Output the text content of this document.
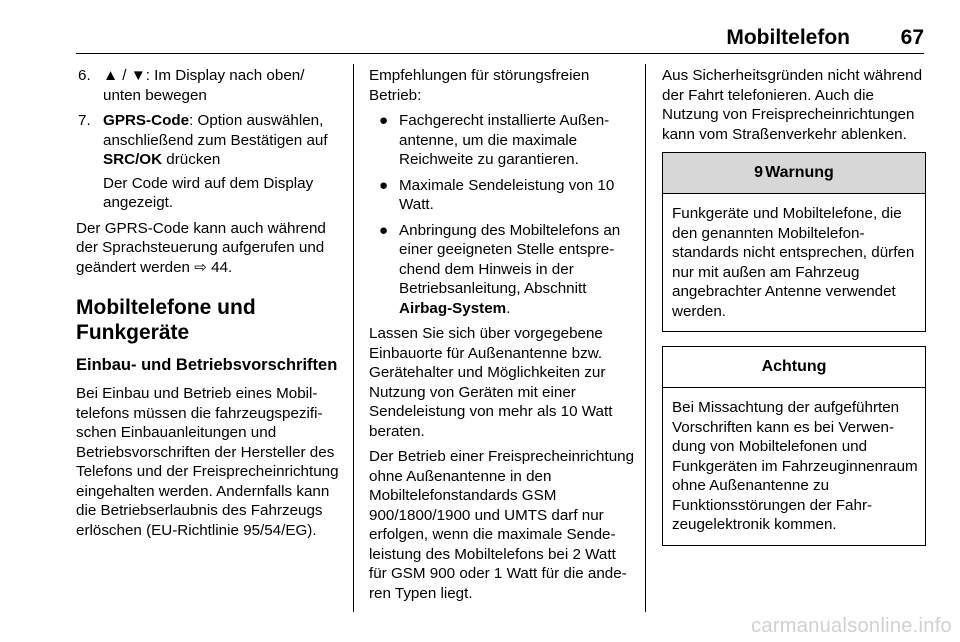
Mobiltelefon 67
6. ▲ / ▼: Im Display nach oben/ unten bewegen
7. GPRS-Code: Option auswählen, anschließend zum Bestätigen auf SRC/OK drücken

Der Code wird auf dem Display angezeigt.

Der GPRS-Code kann auch während der Sprachsteuerung aufgerufen und geändert werden ⇨ 44.

Mobiltelefone und Funkgeräte
Einbau- und Betriebsvorschriften

Bei Einbau und Betrieb eines Mobiltelefons müssen die fahrzeugspezifischen Einbauanleitungen und Betriebsvorschriften der Hersteller des Telefons und der Freisprecheinrichtung eingehalten werden. Andernfalls kann die Betriebserlaubnis des Fahrzeugs erlöschen (EU-Richtlinie 95/54/EG).

Empfehlungen für störungsfreien Betrieb:

● Fachgerecht installierte Außenantenne, um die maximale Reichweite zu garantieren.
● Maximale Sendeleistung von 10 Watt.
● Anbringung des Mobiltelefons an einer geeigneten Stelle entsprechend dem Hinweis in der Betriebsanleitung, Abschnitt Airbag-System.

Lassen Sie sich über vorgegebene Einbauorte für Außenantenne bzw. Gerätehalter und Möglichkeiten zur Nutzung von Geräten mit einer Sendeleistung von mehr als 10 Watt beraten.

Der Betrieb einer Freisprecheinrichtung ohne Außenantenne in den Mobiltelefonstandards GSM 900/1800/1900 und UMTS darf nur erfolgen, wenn die maximale Sendeleistung des Mobiltelefons bei 2 Watt für GSM 900 oder 1 Watt für die anderen Typen liegt.

Aus Sicherheitsgründen nicht während der Fahrt telefonieren. Auch die Nutzung von Freisprecheinrichtungen kann vom Straßenverkehr ablenken.

9 Warnung
Funkgeräte und Mobiltelefone, die den genannten Mobiltelefonstandards nicht entsprechen, dürfen nur mit außen am Fahrzeug angebrachter Antenne verwendet werden.
Achtung
Bei Missachtung der aufgeführten Vorschriften kann es bei Verwendung von Mobiltelefonen und Funkgeräten im Fahrzeuginnenraum ohne Außenantenne zu Funktionsstörungen der Fahrzeugelektronik kommen.
carmanualsonline.info
